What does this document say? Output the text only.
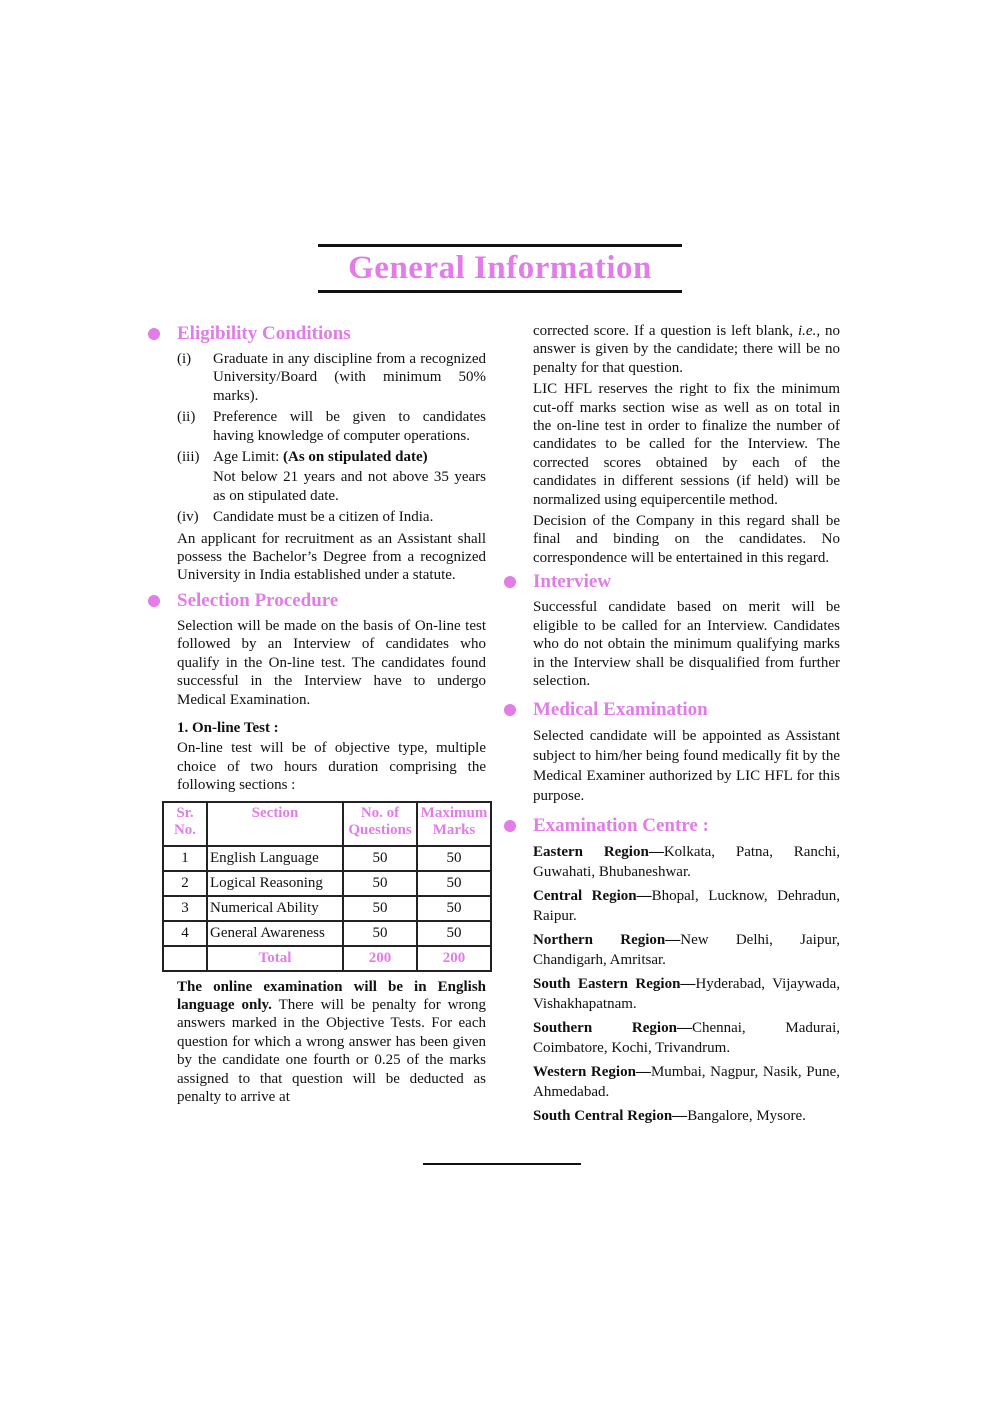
General Information
Eligibility Conditions
(i)	Graduate in any discipline from a recognized University/Board (with minimum 50% marks).
(ii)	Preference will be given to candidates having knowledge of computer operations.
(iii) Age Limit: (As on stipulated date)
Not below 21 years and not above 35 years as on stipulated date.
(iv) Candidate must be a citizen of India.

An applicant for recruitment as an Assistant shall possess the Bachelor’s Degree from a recognized University in India established under a statute.

Selection Procedure

Selection will be made on the basis of On-line test followed by an Interview of candidates who qualify in the On-line test. The candidates found successful in the Interview have to undergo Medical Examination.

1. On-line Test :

On-line test will be of objective type, multiple choice of two hours duration comprising the following sections :

Sr. No.	Section	No. of Questions	Maximum Marks
1	English Language	50	50
2	Logical Reasoning	50	50
3	Numerical Ability	50	50
4	General Awareness	50	50
	Total	200	200
The online examination will be in English language only. There will be penalty for wrong answers marked in the Objective Tests. For each question for which a wrong answer has been given by the candidate one fourth or 0.25 of the marks assigned to that question will be deducted as penalty to arrive at

corrected score. If a question is left blank, i.e., no answer is given by the candidate; there will be no penalty for that question.

LIC HFL reserves the right to fix the minimum cut-off marks section wise as well as on total in the on-line test in order to finalize the number of candidates to be called for the Interview. The corrected scores obtained by each of the candidates in different sessions (if held) will be normalized using equipercentile method.

Decision of the Company in this regard shall be final and binding on the candidates. No correspondence will be entertained in this regard.

Interview

Successful candidate based on merit will be eligible to be called for an Interview. Candidates who do not obtain the minimum qualifying marks in the Interview shall be disqualified from further selection.

Medical Examination

Selected candidate will be appointed as Assistant subject to him/her being found medically fit by the Medical Examiner authorized by LIC HFL for this purpose.

Examination Centre :
Eastern Region—Kolkata, Patna, Ranchi, Guwahati, Bhubaneshwar.
Central Region—Bhopal, Lucknow, Dehradun, Raipur.
Northern Region—New Delhi, Jaipur, Chandigarh, Amritsar.
South Eastern Region—Hyderabad, Vijaywada, Vishakhapatnam.
Southern Region—Chennai, Madurai, Coimbatore, Kochi, Trivandrum.
Western Region—Mumbai, Nagpur, Nasik, Pune, Ahmedabad.
South Central Region—Bangalore, Mysore.
